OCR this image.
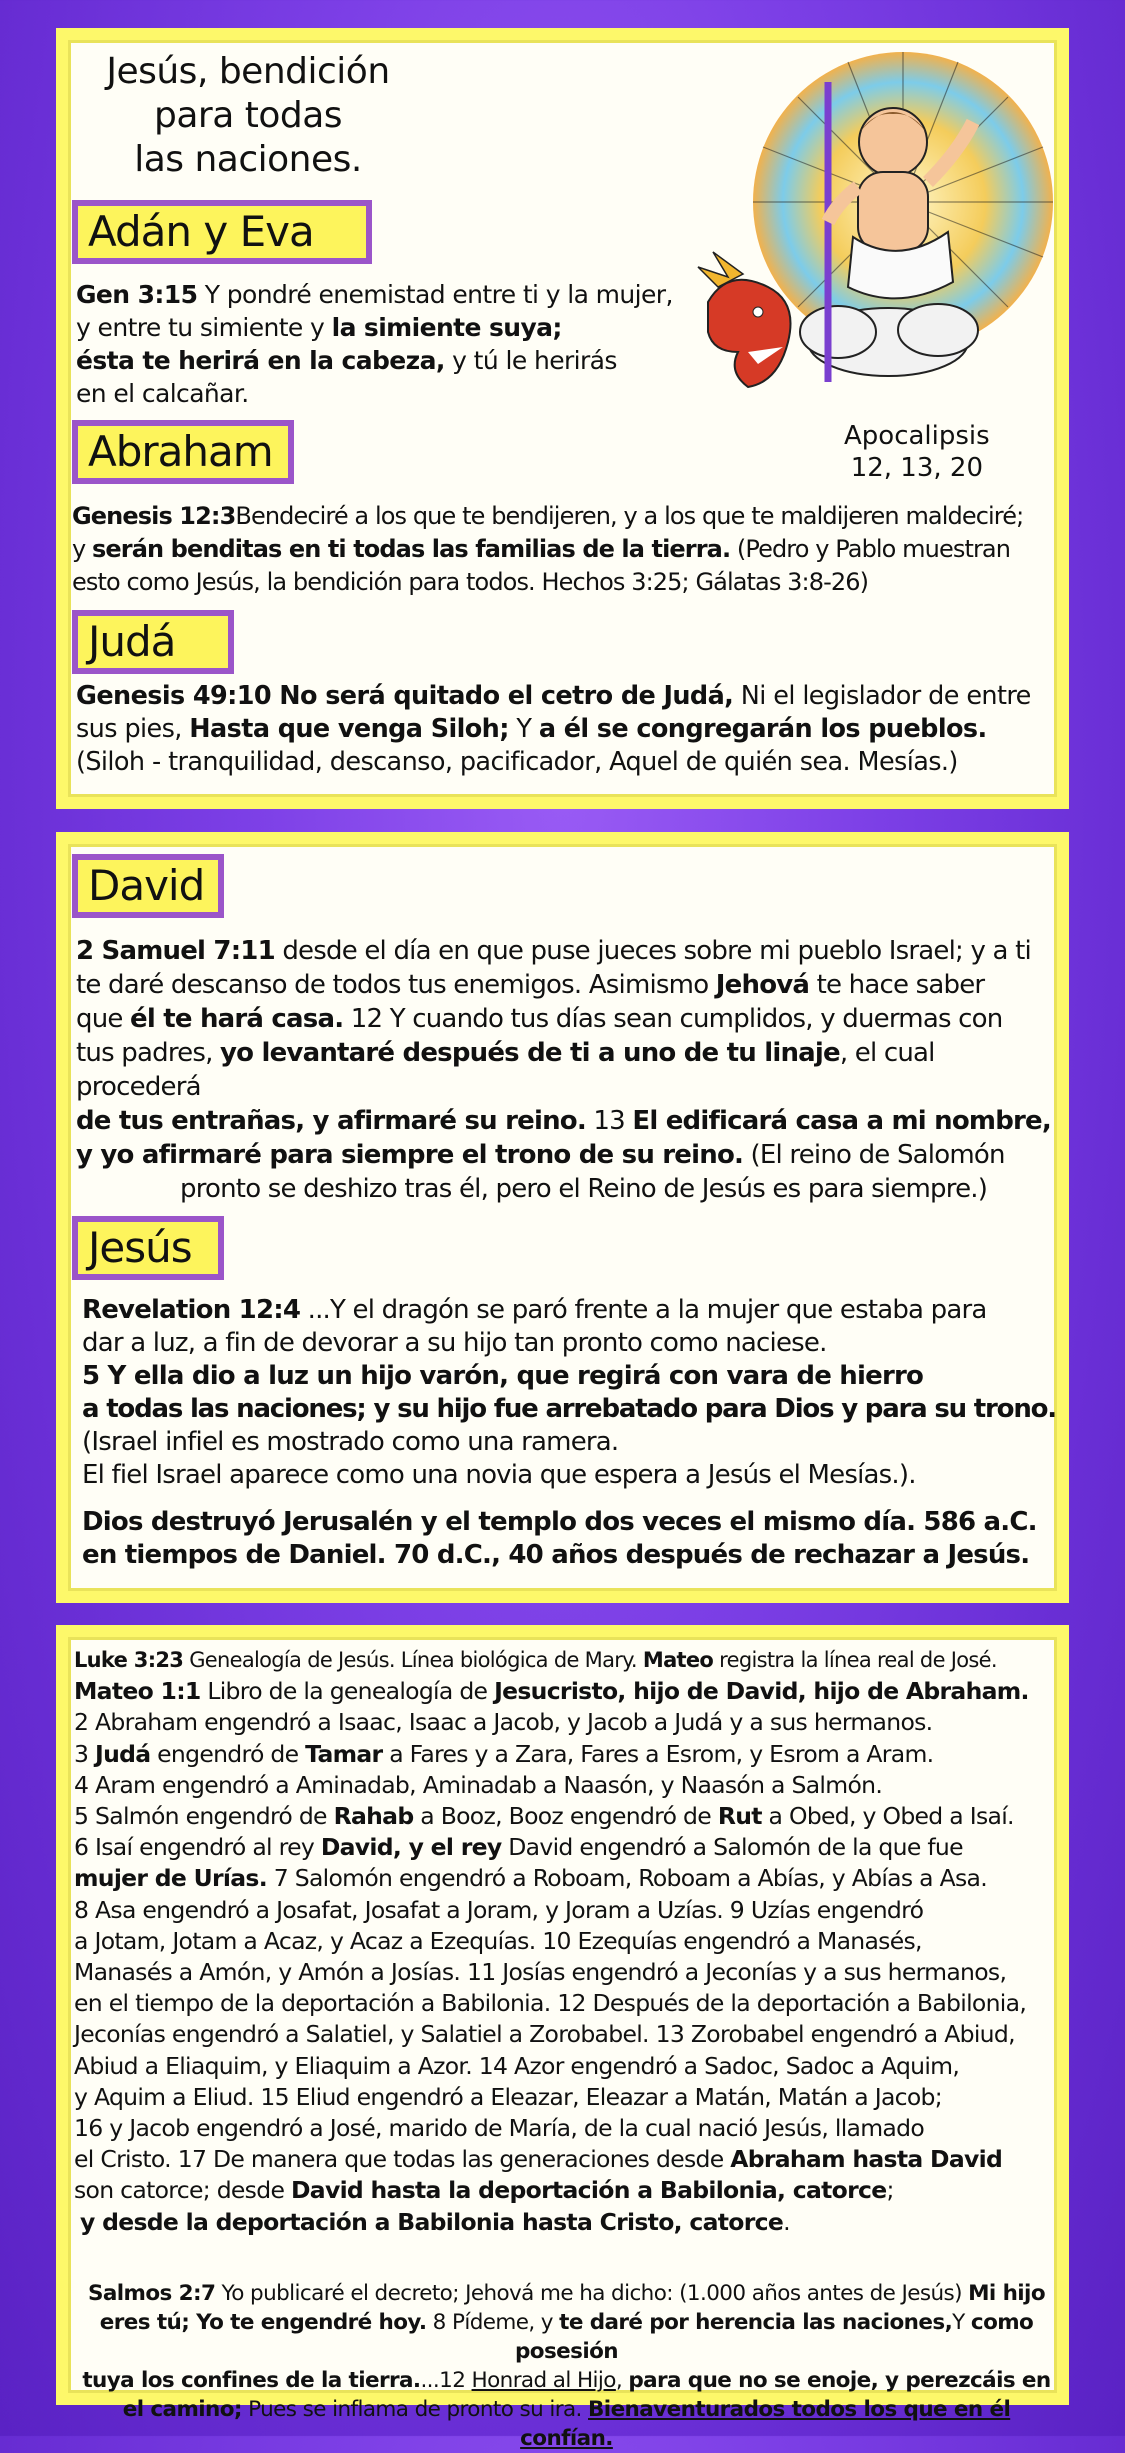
Jesús, bendición
para todas
las naciones.
Apocalipsis
12, 13, 20
Adán y Eva
Gen 3:15 Y pondré enemistad entre ti y la mujer,
y entre tu simiente y la simiente suya;
ésta te herirá en la cabeza, y tú le herirás
en el calcañar.
Abraham
Genesis 12:3Bendeciré a los que te bendijeren, y a los que te maldijeren maldeciré;
y serán benditas en ti todas las familias de la tierra. (Pedro y Pablo muestran
esto como Jesús, la bendición para todos. Hechos 3:25; Gálatas 3:8-26)
Judá
Genesis 49:10 No será quitado el cetro de Judá, Ni el legislador de entre
sus pies, Hasta que venga Siloh; Y a él se congregarán los pueblos.
(Siloh - tranquilidad, descanso, pacificador, Aquel de quién sea. Mesías.)
David
2 Samuel 7:11 desde el día en que puse jueces sobre mi pueblo Israel; y a ti
te daré descanso de todos tus enemigos. Asimismo Jehová te hace saber
que él te hará casa. 12 Y cuando tus días sean cumplidos, y duermas con
tus padres, yo levantaré después de ti a uno de tu linaje, el cual procederá
de tus entrañas, y afirmaré su reino. 13 El edificará casa a mi nombre,
y yo afirmaré para siempre el trono de su reino. (El reino de Salomón
pronto se deshizo tras él, pero el Reino de Jesús es para siempre.)
Jesús
Revelation 12:4 ...Y el dragón se paró frente a la mujer que estaba para
dar a luz, a fin de devorar a su hijo tan pronto como naciese.
5 Y ella dio a luz un hijo varón, que regirá con vara de hierro
a todas las naciones; y su hijo fue arrebatado para Dios y para su trono.
(Israel infiel es mostrado como una ramera.
El fiel Israel aparece como una novia que espera a Jesús el Mesías.).
Dios destruyó Jerusalén y el templo dos veces el mismo día. 586 a.C.
en tiempos de Daniel. 70 d.C., 40 años después de rechazar a Jesús.
Luke 3:23 Genealogía de Jesús. Línea biológica de Mary. Mateo registra la línea real de José.
Mateo 1:1 Libro de la genealogía de Jesucristo, hijo de David, hijo de Abraham.
2 Abraham engendró a Isaac, Isaac a Jacob, y Jacob a Judá y a sus hermanos.
3 Judá engendró de Tamar a Fares y a Zara, Fares a Esrom, y Esrom a Aram.
4 Aram engendró a Aminadab, Aminadab a Naasón, y Naasón a Salmón.
5 Salmón engendró de Rahab a Booz, Booz engendró de Rut a Obed, y Obed a Isaí.
6 Isaí engendró al rey David, y el rey David engendró a Salomón de la que fue
mujer de Urías. 7 Salomón engendró a Roboam, Roboam a Abías, y Abías a Asa.
8 Asa engendró a Josafat, Josafat a Joram, y Joram a Uzías. 9 Uzías engendró
a Jotam, Jotam a Acaz, y Acaz a Ezequías. 10 Ezequías engendró a Manasés,
Manasés a Amón, y Amón a Josías. 11 Josías engendró a Jeconías y a sus hermanos,
en el tiempo de la deportación a Babilonia. 12 Después de la deportación a Babilonia,
Jeconías engendró a Salatiel, y Salatiel a Zorobabel. 13 Zorobabel engendró a Abiud,
Abiud a Eliaquim, y Eliaquim a Azor. 14 Azor engendró a Sadoc, Sadoc a Aquim,
y Aquim a Eliud. 15 Eliud engendró a Eleazar, Eleazar a Matán, Matán a Jacob;
16 y Jacob engendró a José, marido de María, de la cual nació Jesús, llamado
el Cristo. 17 De manera que todas las generaciones desde Abraham hasta David
son catorce; desde David hasta la deportación a Babilonia, catorce;
y desde la deportación a Babilonia hasta Cristo, catorce.
Salmos 2:7 Yo publicaré el decreto; Jehová me ha dicho: (1.000 años antes de Jesús) Mi hijo
eres tú; Yo te engendré hoy. 8 Pídeme, y te daré por herencia las naciones,Y como posesión
tuya los confines de la tierra....12 Honrad al Hijo, para que no se enoje, y perezcáis en
el camino; Pues se inflama de pronto su ira. Bienaventurados todos los que en él confían.
